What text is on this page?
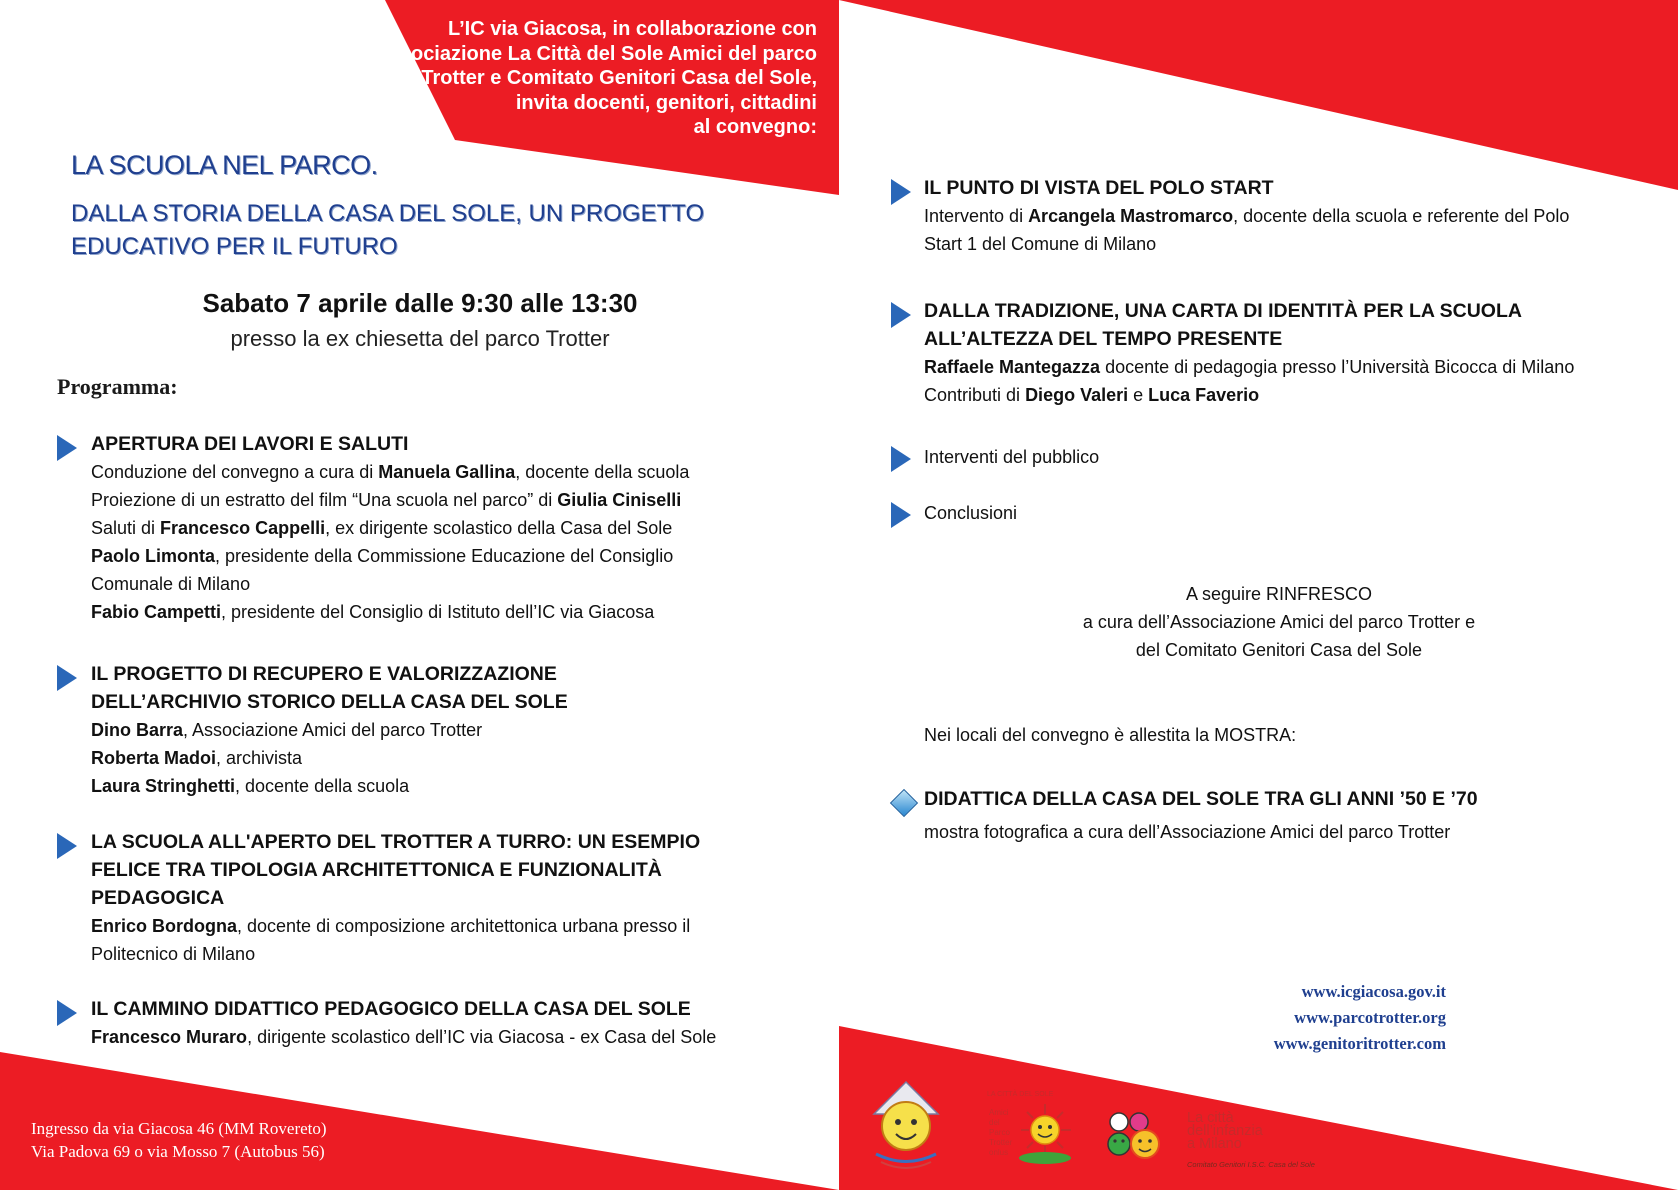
L’IC via Giacosa, in collaborazione con
Associazione La Città del Sole Amici del parco
Trotter e Comitato Genitori Casa del Sole,
invita docenti, genitori, cittadini
al convegno:
LA SCUOLA NEL PARCO.
DALLA STORIA DELLA CASA DEL SOLE, UN PROGETTO
EDUCATIVO PER IL FUTURO
Sabato 7 aprile dalle 9:30 alle 13:30
presso la ex chiesetta del parco Trotter
Programma:
APERTURA DEI LAVORI E SALUTI
Conduzione del convegno a cura di Manuela Gallina, docente della scuola
Proiezione di un estratto del film “Una scuola nel parco” di Giulia Ciniselli
Saluti di Francesco Cappelli, ex dirigente scolastico della Casa del Sole
Paolo Limonta, presidente della Commissione Educazione del Consiglio
Comunale di Milano
Fabio Campetti, presidente del Consiglio di Istituto dell’IC via Giacosa
IL PROGETTO DI RECUPERO E VALORIZZAZIONE
DELL’ARCHIVIO STORICO DELLA CASA DEL SOLE
Dino Barra, Associazione Amici del parco Trotter
Roberta Madoi, archivista
Laura Stringhetti, docente della scuola
LA SCUOLA ALL'APERTO DEL TROTTER A TURRO: UN ESEMPIO
FELICE TRA TIPOLOGIA ARCHITETTONICA E FUNZIONALITÀ
PEDAGOGICA
Enrico Bordogna, docente di composizione architettonica urbana presso il
Politecnico di Milano
IL CAMMINO DIDATTICO PEDAGOGICO DELLA CASA DEL SOLE
Francesco Muraro, dirigente scolastico dell’IC via Giacosa - ex Casa del Sole
Ingresso da via Giacosa 46 (MM Rovereto)
Via Padova 69 o via Mosso 7 (Autobus 56)
IL PUNTO DI VISTA DEL POLO START
Intervento di Arcangela Mastromarco, docente della scuola e referente del Polo
Start 1 del Comune di Milano
DALLA TRADIZIONE, UNA CARTA DI IDENTITÀ PER LA SCUOLA
ALL’ALTEZZA DEL TEMPO PRESENTE
Raffaele Mantegazza docente di pedagogia presso l’Università Bicocca di Milano
Contributi di Diego Valeri e Luca Faverio
Interventi del pubblico
Conclusioni
A seguire RINFRESCO
a cura dell’Associazione Amici del parco Trotter e
del Comitato Genitori Casa del Sole
Nei locali del convegno è allestita la MOSTRA:
DIDATTICA DELLA CASA DEL SOLE TRA GLI ANNI ’50 E ’70
mostra fotografica a cura dell’Associazione Amici del parco Trotter
www.icgiacosa.gov.it
www.parcotrotter.org
www.genitoritrotter.com
LA CITTÀ DEL SOLE
Amici
del
Parco
Trotter
onlus
La città
dell’infanzia
a Milano
Comitato Genitori I.S.C. Casa del Sole
